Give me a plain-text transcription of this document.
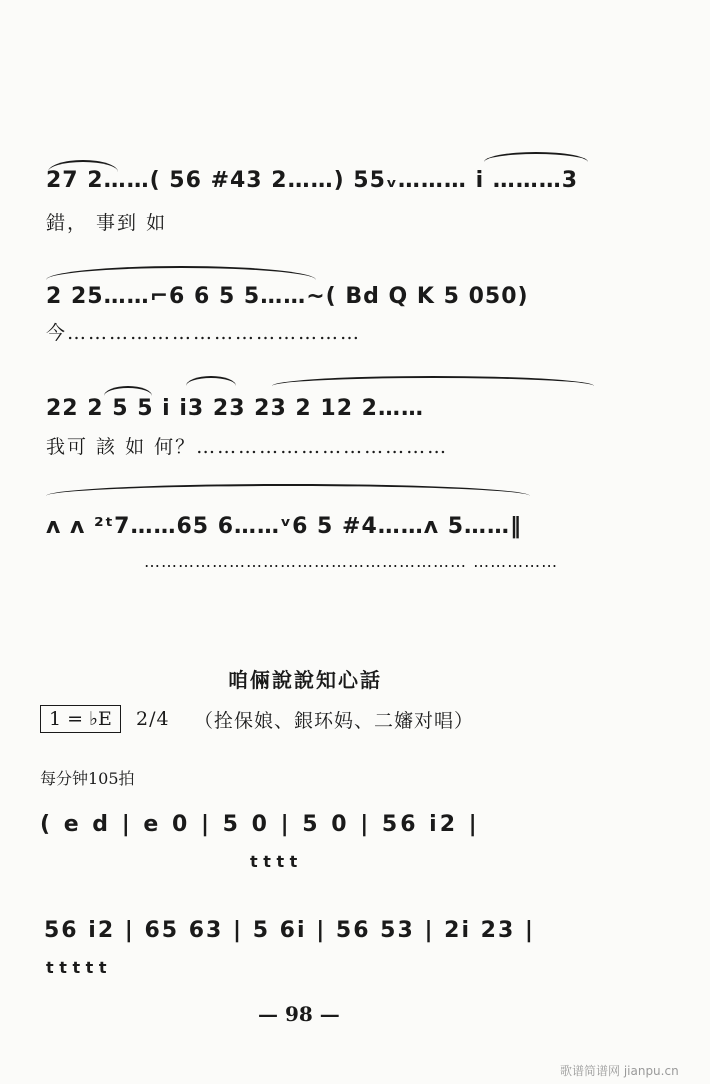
27 2……( 56 #43 2……) 55ᵥ……… i ………3
錯， 事到 如
2 25……⌐6 6 5 5……~( Bd Q K 5 050)
今……………………………………
22 2 5 5 i i3 23 23 2 12 2……
我可 該 如 何？………………………………
ᴧ ᴧ ²ᵗ7……65 6……ᵛ6 5 #4……ᴧ 5……‖
………………………………………………… ……………
咱倆說說知心話
1 = ♭E	2/4 （拴保娘、銀环妈、二嬸对唱）
每分钟105拍
( e d | e 0 | 5 0 | 5 0 | 56 i2 |
t t t t
56 i2 | 65 63 | 5 6i | 56 53 | 2i 23 |
t t t t t
— 98 —
歌谱简谱网 jianpu.cn
